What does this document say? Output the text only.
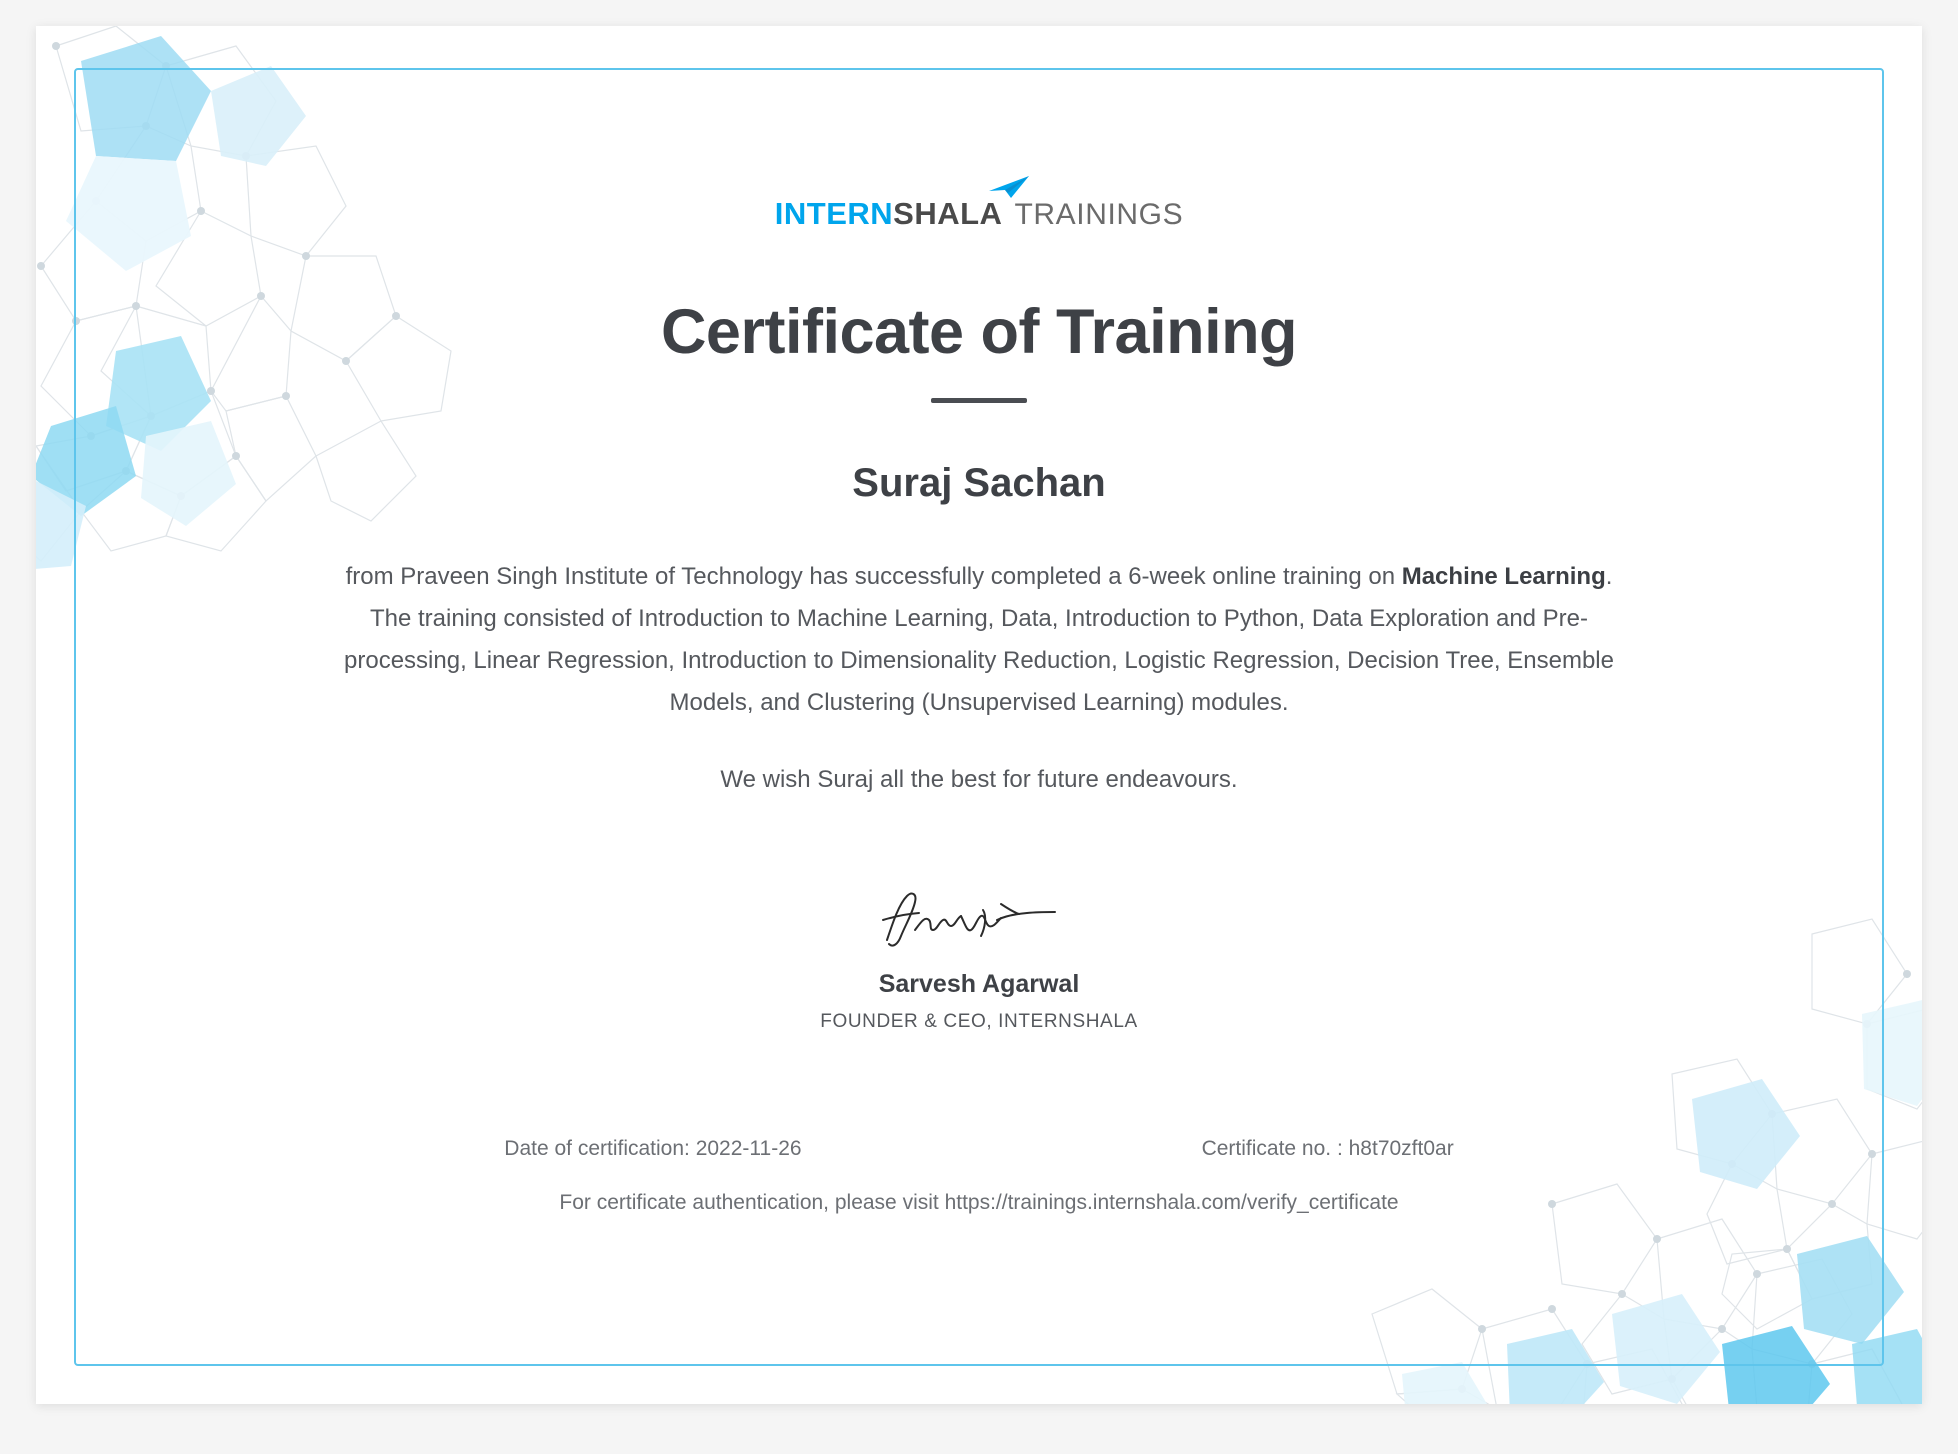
INTERN SHALA TRAININGS
Certificate of Training
Suraj Sachan
from Praveen Singh Institute of Technology has successfully completed a 6-week online training on Machine Learning. The training consisted of Introduction to Machine Learning, Data, Introduction to Python, Data Exploration and Pre-processing, Linear Regression, Introduction to Dimensionality Reduction, Logistic Regression, Decision Tree, Ensemble Models, and Clustering (Unsupervised Learning) modules.
We wish Suraj all the best for future endeavours.
Sarvesh Agarwal
FOUNDER & CEO, INTERNSHALA
Date of certification: 2022-11-26	Certificate no. : h8t70zft0ar
For certificate authentication, please visit https://trainings.internshala.com/verify_certificate
